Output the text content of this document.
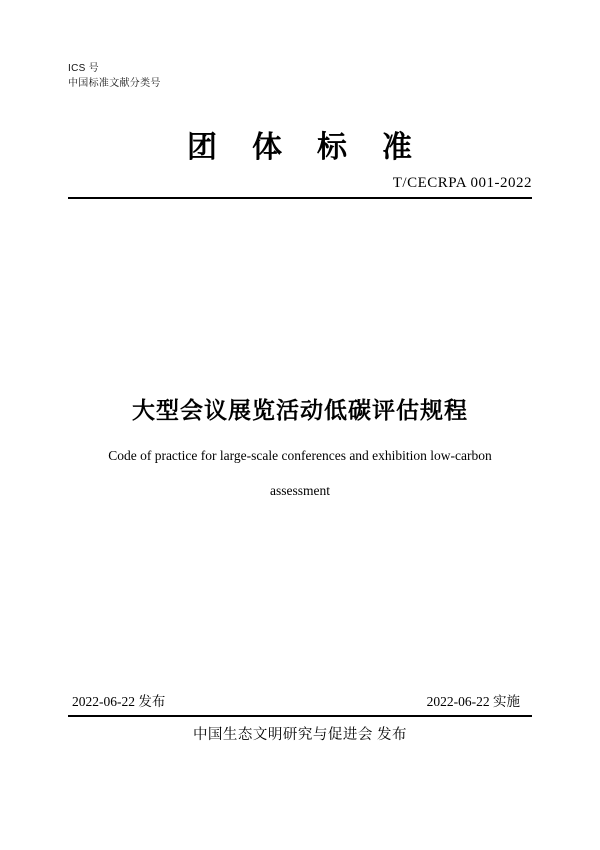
ICS 号
中国标准文献分类号
团 体 标 准
T/CECRPA 001-2022
大型会议展览活动低碳评估规程
Code of practice for large-scale conferences and exhibition low-carbon
assessment
2022-06-22 发布	2022-06-22 实施
中国生态文明研究与促进会 发布
